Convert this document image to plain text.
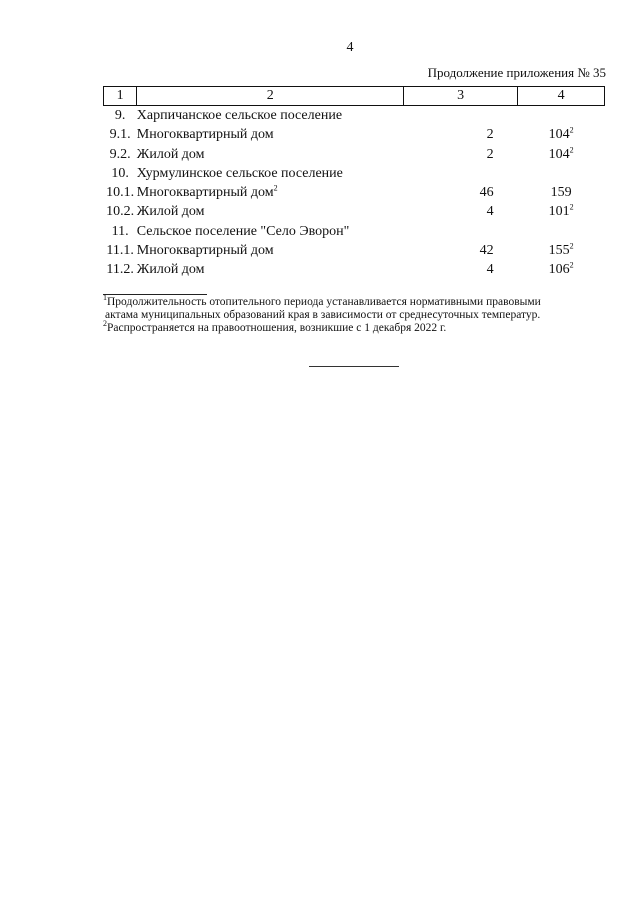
4
Продолжение приложения № 35
1	2	3	4
9.	Харпичанское сельское поселение		
9.1.	Многоквартирный дом	2	$104^2$
9.2.	Жилой дом	2	$104^2$
10.	Хурмулинское сельское поселение		
10.1.	Многоквартирный дом$^2$	46	159
10.2.	Жилой дом	4	$101^2$
11.	Сельское поселение "Село Эворон"		
11.1.	Многоквартирный дом	42	$155^2$
11.2.	Жилой дом	4	$106^2$

$^1$Продолжительность отопительного периода устанавливается нормативными правовыми
актама муниципальных образований края в зависимости от среднесуточных температур.

$^2$Распространяется на правоотношения, возникшие с 1 декабря 2022 г.
